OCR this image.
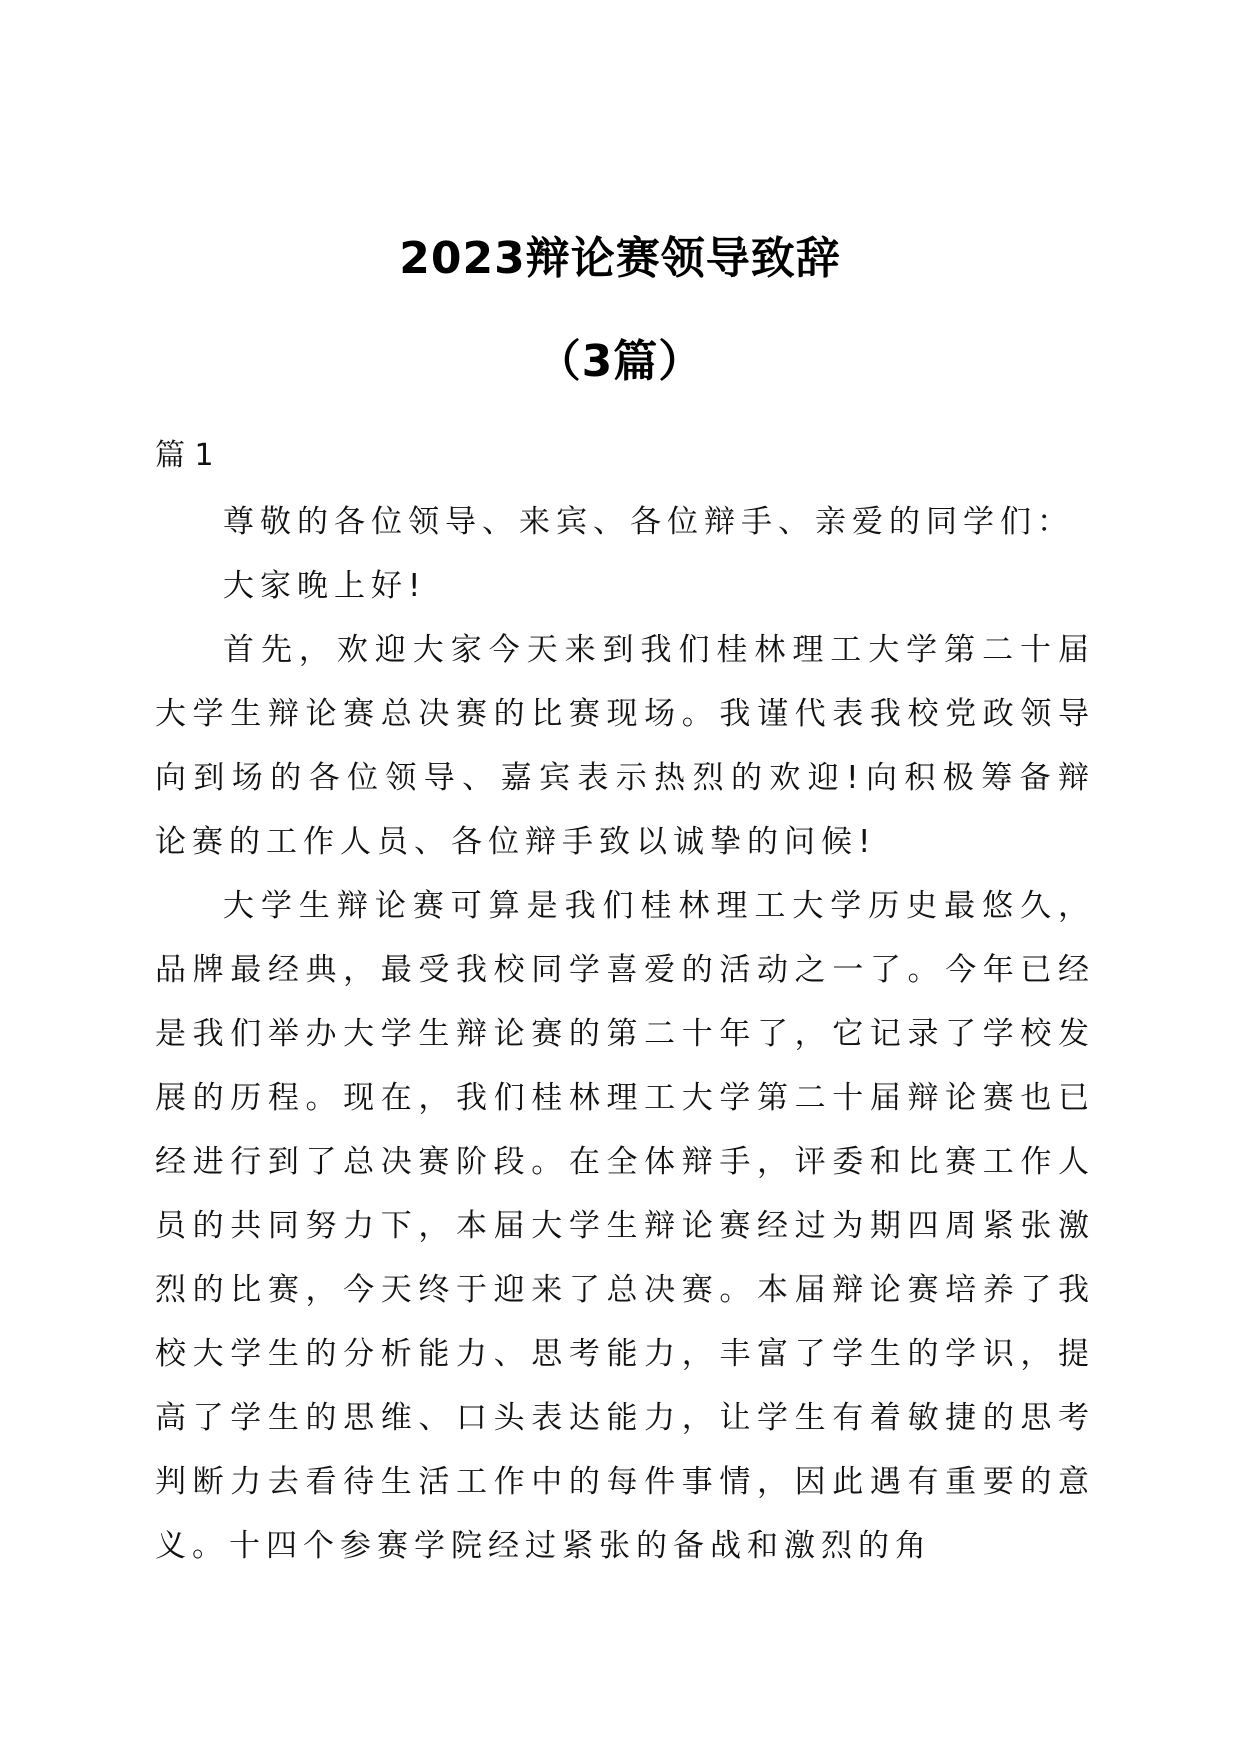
2023辩论赛领导致辞
（3篇）
篇 1

尊敬的各位领导、来宾、各位辩手、亲爱的同学们：

大家晚上好!

首先，欢迎大家今天来到我们桂林理工大学第二十届大学生辩论赛总决赛的比赛现场。我谨代表我校党政领导向到场的各位领导、嘉宾表示热烈的欢迎!向积极筹备辩论赛的工作人员、各位辩手致以诚挚的问候!

大学生辩论赛可算是我们桂林理工大学历史最悠久，品牌最经典，最受我校同学喜爱的活动之一了。今年已经是我们举办大学生辩论赛的第二十年了，它记录了学校发展的历程。现在，我们桂林理工大学第二十届辩论赛也已经进行到了总决赛阶段。在全体辩手，评委和比赛工作人员的共同努力下，本届大学生辩论赛经过为期四周紧张激烈的比赛，今天终于迎来了总决赛。本届辩论赛培养了我校大学生的分析能力、思考能力，丰富了学生的学识，提高了学生的思维、口头表达能力，让学生有着敏捷的思考判断力去看待生活工作中的每件事情，因此遇有重要的意义。十四个参赛学院经过紧张的备战和激烈的角
